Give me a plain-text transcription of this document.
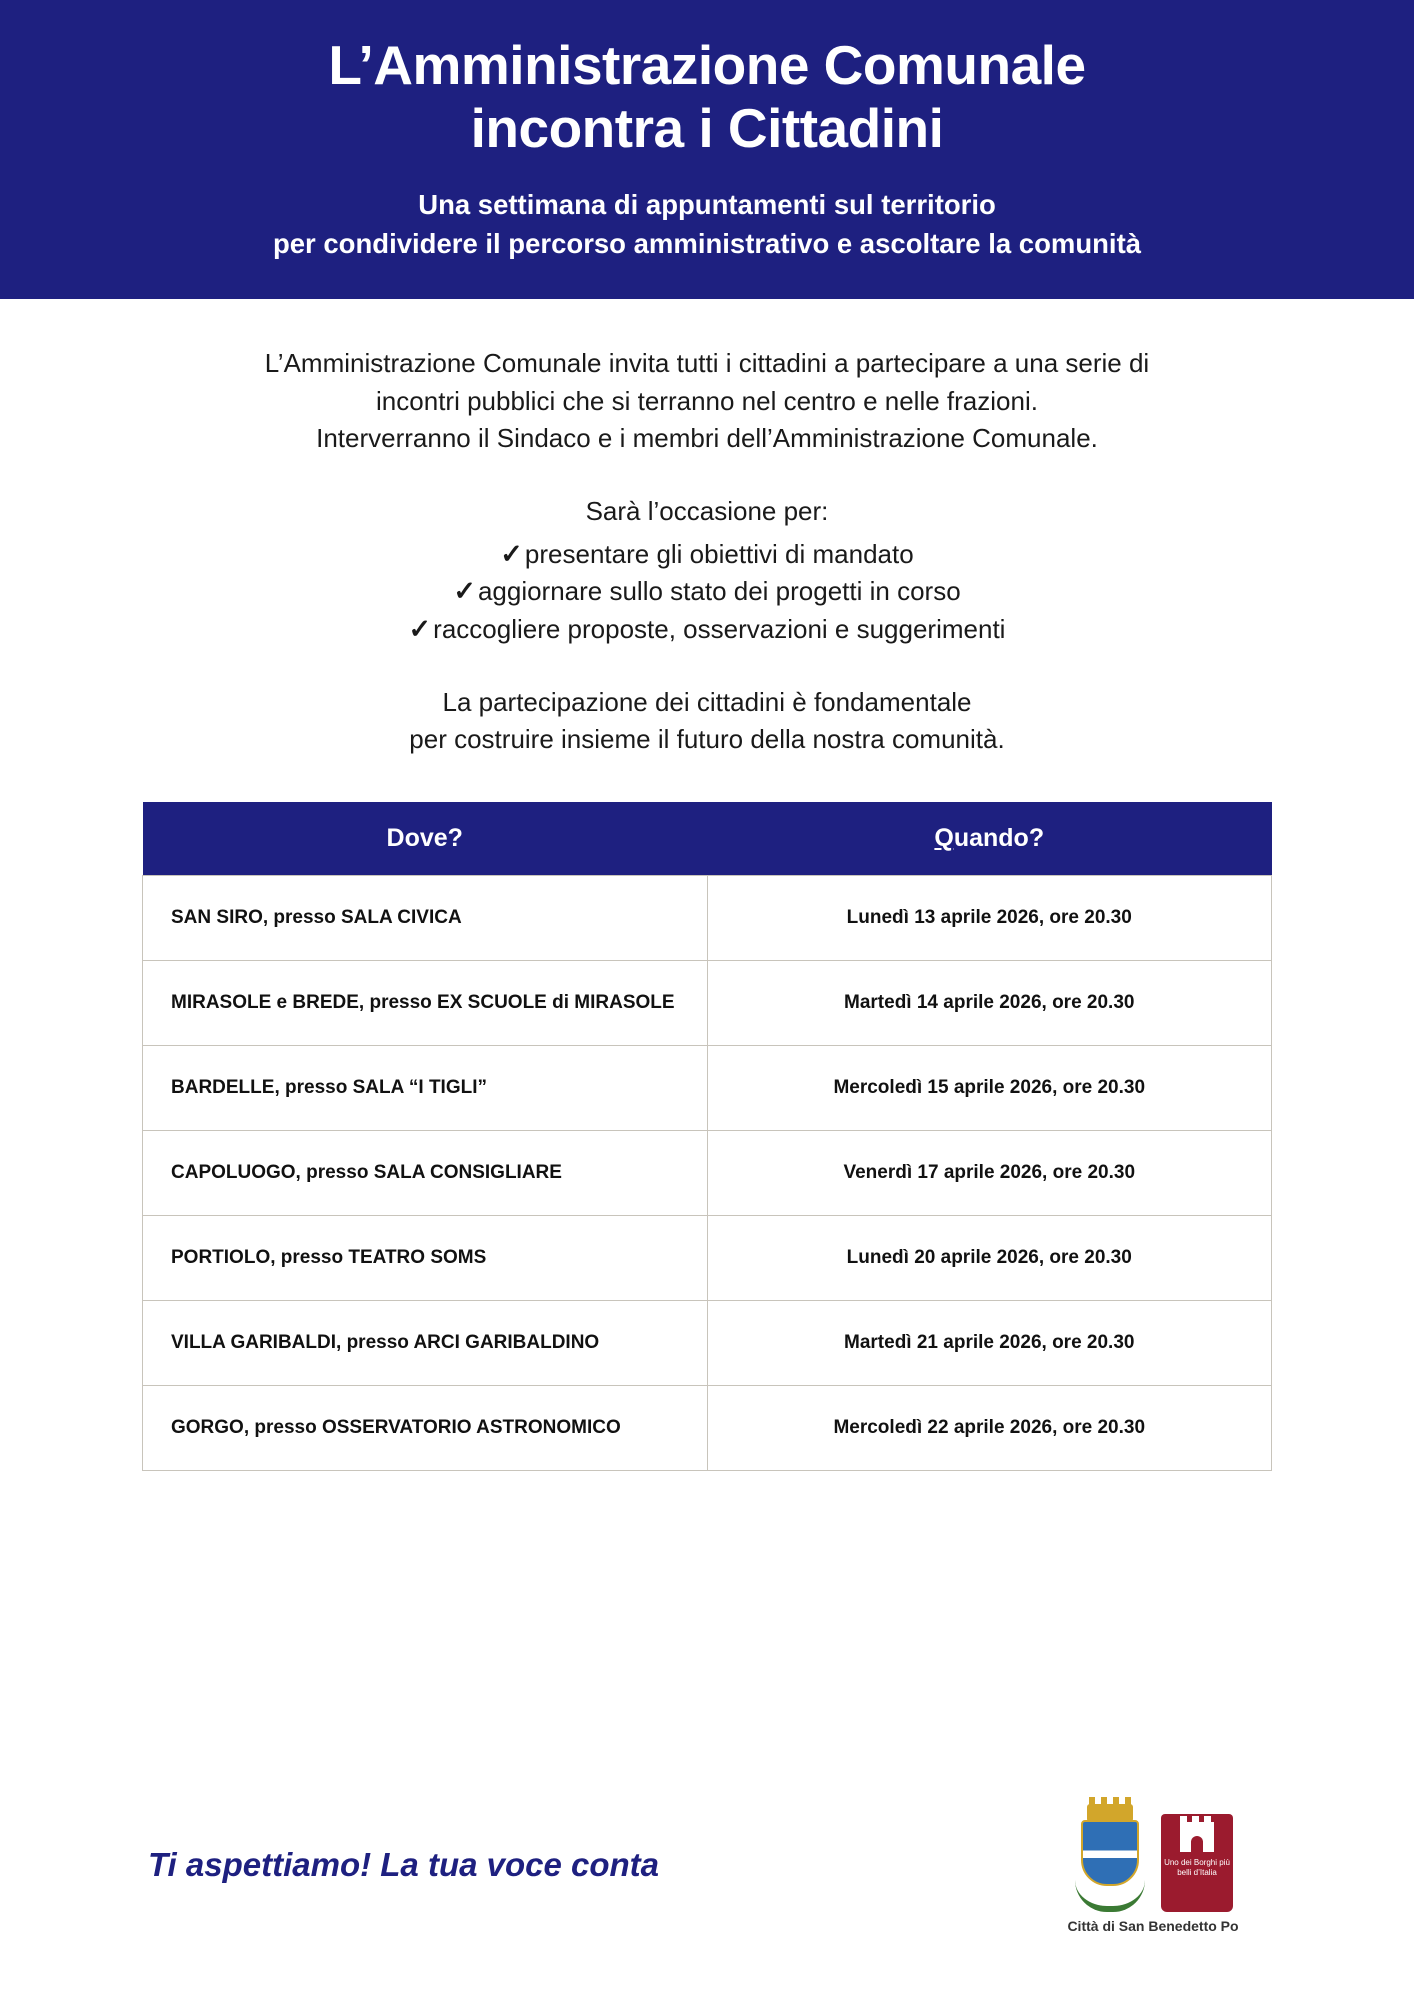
L’Amministrazione Comunale
incontra i Cittadini
Una settimana di appuntamenti sul territorio
per condividere il percorso amministrativo e ascoltare la comunità
L’Amministrazione Comunale invita tutti i cittadini a partecipare a una serie di
incontri pubblici che si terranno nel centro e nelle frazioni.
Interverranno il Sindaco e i membri dell’Amministrazione Comunale.
Sarà l’occasione per:
✓presentare gli obiettivi di mandato
✓aggiornare sullo stato dei progetti in corso
✓raccogliere proposte, osservazioni e suggerimenti
La partecipazione dei cittadini è fondamentale
per costruire insieme il futuro della nostra comunità.
Dove?	Quando?
SAN SIRO, presso SALA CIVICA	Lunedì 13 aprile 2026, ore 20.30
MIRASOLE e BREDE, presso EX SCUOLE di MIRASOLE	Martedì 14 aprile 2026, ore 20.30
BARDELLE, presso SALA “I TIGLI”	Mercoledì 15 aprile 2026, ore 20.30
CAPOLUOGO, presso SALA CONSIGLIARE	Venerdì 17 aprile 2026, ore 20.30
PORTIOLO, presso TEATRO SOMS	Lunedì 20 aprile 2026, ore 20.30
VILLA GARIBALDI, presso ARCI GARIBALDINO	Martedì 21 aprile 2026, ore 20.30
GORGO, presso OSSERVATORIO ASTRONOMICO	Mercoledì 22 aprile 2026, ore 20.30
Ti aspettiamo! La tua voce conta	Uno dei Borghi più belli d’Italia
Città di San Benedetto Po
